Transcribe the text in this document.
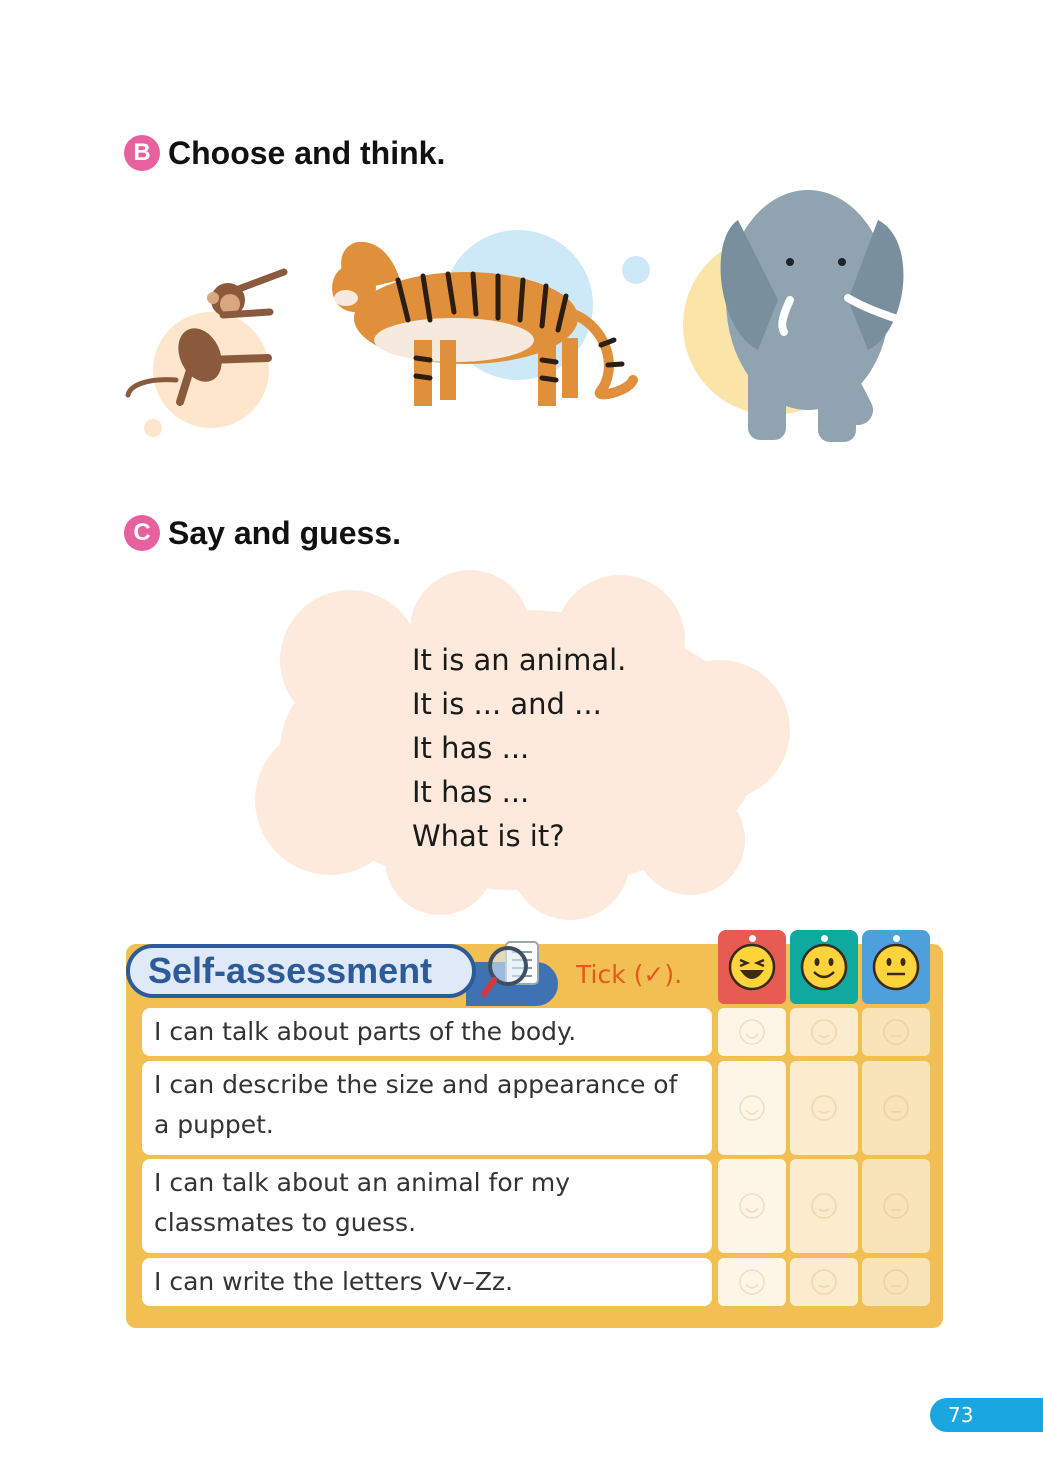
B Choose and think.
C Say and guess.
It is an animal.
It is ... and ...
It has ...
It has ...
What is it?
Self-assessment	Tick (✓).
I can talk about parts of the body.
I can describe the size and appearance of a puppet.
I can talk about an animal for my classmates to guess.
I can write the letters Vv–Zz.
73
